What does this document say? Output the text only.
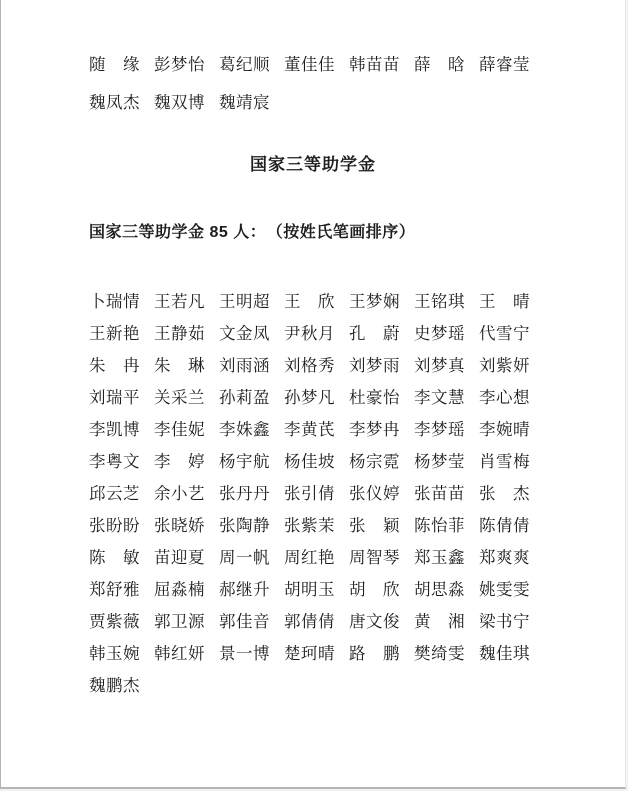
随　缘 彭梦怡 葛纪顺 董佳佳 韩苗苗 薛　晗 薛睿莹
魏凤杰 魏双博 魏靖宸
国家三等助学金
国家三等助学金 85 人：　（按姓氏笔画排序）
卜瑞情 王若凡 王明超 王　欣 王梦娴 王铭琪 王　晴
王新艳 王静茹 文金凤 尹秋月 孔　蔚 史梦瑶 代雪宁
朱　冉 朱　琳 刘雨涵 刘格秀 刘梦雨 刘梦真 刘紫妍
刘瑞平 关采兰 孙莉盈 孙梦凡 杜豪怡 李文慧 李心想
李凯博 李佳妮 李姝鑫 李黄芪 李梦冉 李梦瑶 李婉晴
李粤文 李　婷 杨宇航 杨佳坡 杨宗霓 杨梦莹 肖雪梅
邱云芝 余小艺 张丹丹 张引倩 张仪婷 张苗苗 张　杰
张盼盼 张晓娇 张陶静 张紫茉 张　颖 陈怡菲 陈倩倩
陈　敏 苗迎夏 周一帆 周红艳 周智琴 郑玉鑫 郑爽爽
郑舒雅 屈淼楠 郝继升 胡明玉 胡　欣 胡思淼 姚雯雯
贾紫薇 郭卫源 郭佳音 郭倩倩 唐文俊 黄　湘 梁书宁
韩玉婉 韩红妍 景一博 楚珂晴 路　鹏 樊绮雯 魏佳琪
魏鹏杰
